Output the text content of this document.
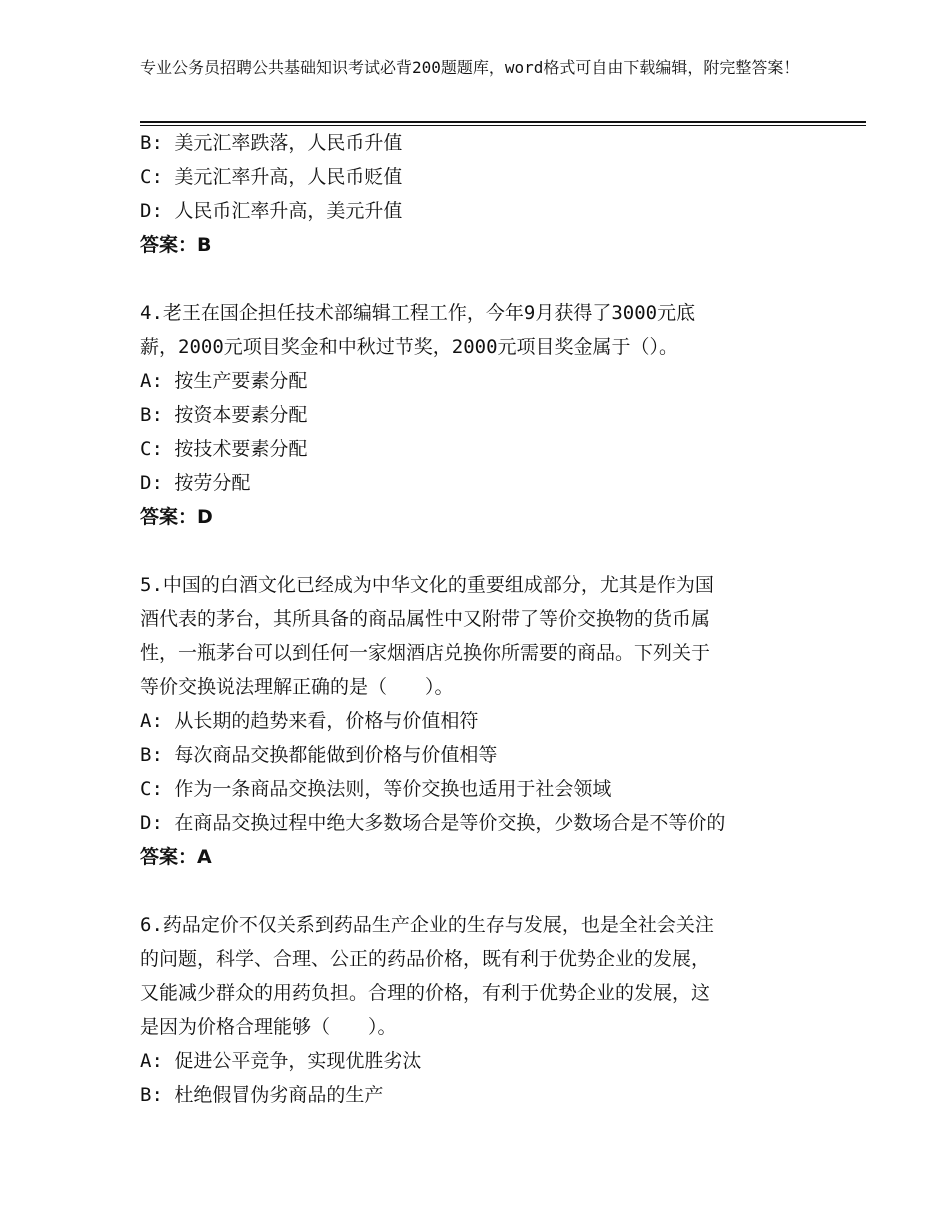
专业公务员招聘公共基础知识考试必背200题题库，word格式可自由下载编辑，附完整答案！
B: 美元汇率跌落，人民币升值
C: 美元汇率升高，人民币贬值
D: 人民币汇率升高，美元升值
答案：B
4.老王在国企担任技术部编辑工程工作，今年9月获得了3000元底
薪，2000元项目奖金和中秋过节奖，2000元项目奖金属于（）。
A: 按生产要素分配
B: 按资本要素分配
C: 按技术要素分配
D: 按劳分配
答案：D
5.中国的白酒文化已经成为中华文化的重要组成部分，尤其是作为国
酒代表的茅台，其所具备的商品属性中又附带了等价交换物的货币属
性，一瓶茅台可以到任何一家烟酒店兑换你所需要的商品。下列关于
等价交换说法理解正确的是（　　）。
A: 从长期的趋势来看，价格与价值相符
B: 每次商品交换都能做到价格与价值相等
C: 作为一条商品交换法则，等价交换也适用于社会领域
D: 在商品交换过程中绝大多数场合是等价交换，少数场合是不等价的
答案：A
6.药品定价不仅关系到药品生产企业的生存与发展，也是全社会关注
的问题，科学、合理、公正的药品价格，既有利于优势企业的发展，
又能减少群众的用药负担。合理的价格，有利于优势企业的发展，这
是因为价格合理能够（　　）。
A: 促进公平竞争，实现优胜劣汰
B: 杜绝假冒伪劣商品的生产
